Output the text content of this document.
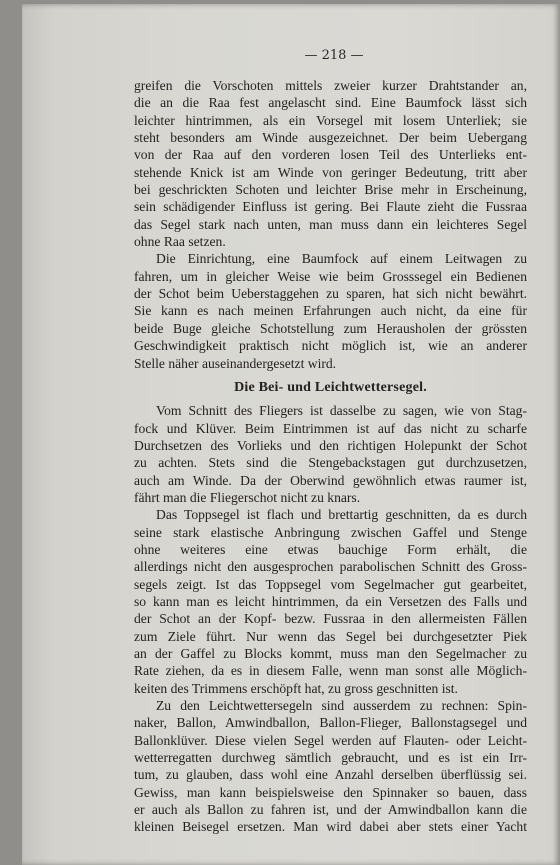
— 218 —
greifen die Vorschoten mittels zweier kurzer Drahtstander an,
die an die Raa fest angelascht sind. Eine Baumfock lässt sich
leichter hintrimmen, als ein Vorsegel mit losem Unterliek; sie
steht besonders am Winde ausgezeichnet. Der beim Uebergang
von der Raa auf den vorderen losen Teil des Unterlieks ent-
stehende Knick ist am Winde von geringer Bedeutung, tritt aber
bei geschrickten Schoten und leichter Brise mehr in Erscheinung,
sein schädigender Einfluss ist gering. Bei Flaute zieht die Fussraa
das Segel stark nach unten, man muss dann ein leichteres Segel
ohne Raa setzen.
Die Einrichtung, eine Baumfock auf einem Leitwagen zu
fahren, um in gleicher Weise wie beim Grosssegel ein Bedienen
der Schot beim Ueberstaggehen zu sparen, hat sich nicht bewährt.
Sie kann es nach meinen Erfahrungen auch nicht, da eine für
beide Buge gleiche Schotstellung zum Herausholen der grössten
Geschwindigkeit praktisch nicht möglich ist, wie an anderer
Stelle näher auseinandergesetzt wird.
Die Bei- und Leichtwettersegel.
Vom Schnitt des Fliegers ist dasselbe zu sagen, wie von Stag-
fock und Klüver. Beim Eintrimmen ist auf das nicht zu scharfe
Durchsetzen des Vorlieks und den richtigen Holepunkt der Schot
zu achten. Stets sind die Stengebackstagen gut durchzusetzen,
auch am Winde. Da der Oberwind gewöhnlich etwas raumer ist,
fährt man die Fliegerschot nicht zu knars.
Das Toppsegel ist flach und brettartig geschnitten, da es durch
seine stark elastische Anbringung zwischen Gaffel und Stenge
ohne weiteres eine etwas bauchige Form erhält, die
allerdings nicht den ausgesprochen parabolischen Schnitt des Gross-
segels zeigt. Ist das Toppsegel vom Segelmacher gut gearbeitet,
so kann man es leicht hintrimmen, da ein Versetzen des Falls und
der Schot an der Kopf- bezw. Fussraa in den allermeisten Fällen
zum Ziele führt. Nur wenn das Segel bei durchgesetzter Piek
an der Gaffel zu Blocks kommt, muss man den Segelmacher zu
Rate ziehen, da es in diesem Falle, wenn man sonst alle Möglich-
keiten des Trimmens erschöpft hat, zu gross geschnitten ist.
Zu den Leichtwettersegeln sind ausserdem zu rechnen: Spin-
naker, Ballon, Amwindballon, Ballon-Flieger, Ballonstagsegel und
Ballonklüver. Diese vielen Segel werden auf Flauten- oder Leicht-
wetterregatten durchweg sämtlich gebraucht, und es ist ein Irr-
tum, zu glauben, dass wohl eine Anzahl derselben überflüssig sei.
Gewiss, man kann beispielsweise den Spinnaker so bauen, dass
er auch als Ballon zu fahren ist, und der Amwindballon kann die
kleinen Beisegel ersetzen. Man wird dabei aber stets einer Yacht
